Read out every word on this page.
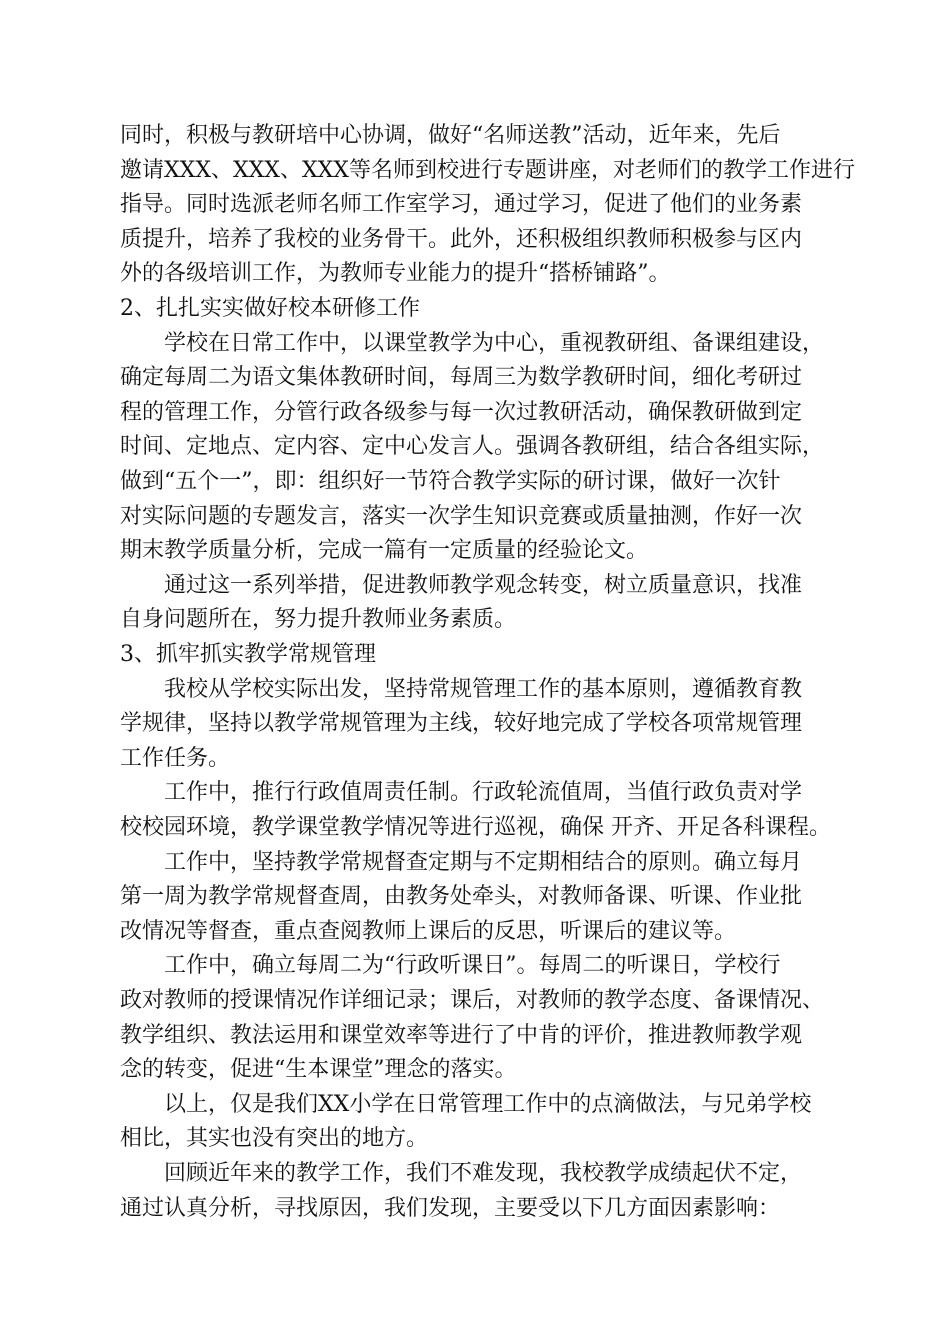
同时，积极与教研培中心协调，做好“名师送教”活动，近年来，先后
邀请XXX、XXX、XXX等名师到校进行专题讲座，对老师们的教学工作进行
指导。同时选派老师名师工作室学习，通过学习，促进了他们的业务素
质提升，培养了我校的业务骨干。此外，还积极组织教师积极参与区内
外的各级培训工作，为教师专业能力的提升“搭桥铺路”。
2、扎扎实实做好校本研修工作
学校在日常工作中，以课堂教学为中心，重视教研组、备课组建设，
确定每周二为语文集体教研时间，每周三为数学教研时间，细化考研过
程的管理工作，分管行政各级参与每一次过教研活动，确保教研做到定
时间、定地点、定内容、定中心发言人。强调各教研组，结合各组实际，
做到“五个一”，即：组织好一节符合教学实际的研讨课，做好一次针
对实际问题的专题发言，落实一次学生知识竞赛或质量抽测，作好一次
期末教学质量分析，完成一篇有一定质量的经验论文。
通过这一系列举措，促进教师教学观念转变，树立质量意识，找准
自身问题所在，努力提升教师业务素质。
3、抓牢抓实教学常规管理
我校从学校实际出发，坚持常规管理工作的基本原则，遵循教育教
学规律，坚持以教学常规管理为主线，较好地完成了学校各项常规管理
工作任务。
工作中，推行行政值周责任制。行政轮流值周，当值行政负责对学
校校园环境，教学课堂教学情况等进行巡视，确保 开齐、开足各科课程。
工作中，坚持教学常规督查定期与不定期相结合的原则。确立每月
第一周为教学常规督查周，由教务处牵头，对教师备课、听课、作业批
改情况等督查，重点查阅教师上课后的反思，听课后的建议等。
工作中，确立每周二为“行政听课日”。每周二的听课日，学校行
政对教师的授课情况作详细记录；课后，对教师的教学态度、备课情况、
教学组织、教法运用和课堂效率等进行了中肯的评价，推进教师教学观
念的转变，促进“生本课堂”理念的落实。
以上，仅是我们XX小学在日常管理工作中的点滴做法，与兄弟学校
相比，其实也没有突出的地方。
回顾近年来的教学工作，我们不难发现，我校教学成绩起伏不定，
通过认真分析，寻找原因，我们发现，主要受以下几方面因素影响：
